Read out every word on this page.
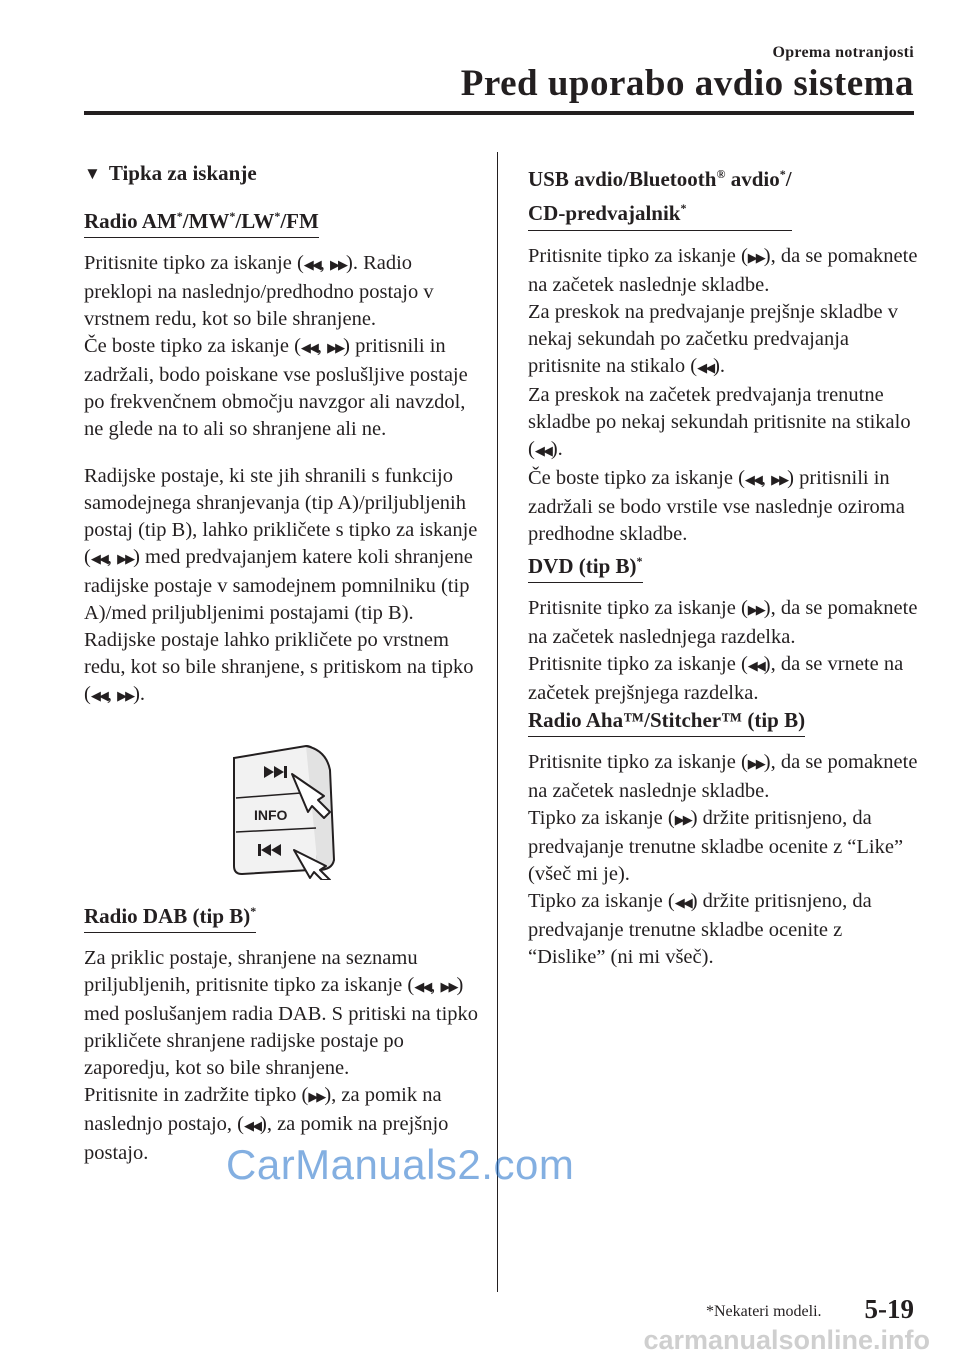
Oprema notranjosti
Pred uporabo avdio sistema
▼ Tipka za iskanje
Radio AM*/MW*/LW*/FM

Pritisnite tipko za iskanje (◀◀, ▶▶). Radio preklopi na naslednjo/predhodno postajo v vrstnem redu, kot so bile shranjene.
Če boste tipko za iskanje (◀◀, ▶▶) pritisnili in zadržali, bodo poiskane vse poslušljive postaje po frekvenčnem območju navzgor ali navzdol, ne glede na to ali so shranjene ali ne.

Radijske postaje, ki ste jih shranili s funkcijo samodejnega shranjevanja (tip A)/priljubljenih postaj (tip B), lahko prikličete s tipko za iskanje (◀◀, ▶▶) med predvajanjem katere koli shranjene radijske postaje v samodejnem pomnilniku (tip A)/med priljubljenimi postajami (tip B). Radijske postaje lahko prikličete po vrstnem redu, kot so bile shranjene, s pritiskom na tipko (◀◀, ▶▶).

INFO
Radio DAB (tip B)*

Za priklic postaje, shranjene na seznamu priljubljenih, pritisnite tipko za iskanje (◀◀, ▶▶) med poslušanjem radia DAB. S pritiski na tipko prikličete shranjene radijske postaje po zaporedju, kot so bile shranjene.
Pritisnite in zadržite tipko (▶▶), za pomik na naslednjo postajo, (◀◀), za pomik na prejšnjo postajo.

USB avdio/Bluetooth® avdio*/
CD-predvajalnik*

Pritisnite tipko za iskanje (▶▶), da se pomaknete na začetek naslednje skladbe.
Za preskok na predvajanje prejšnje skladbe v nekaj sekundah po začetku predvajanja pritisnite na stikalo (◀◀).
Za preskok na začetek predvajanja trenutne skladbe po nekaj sekundah pritisnite na stikalo (◀◀).
Če boste tipko za iskanje (◀◀, ▶▶) pritisnili in zadržali se bodo vrstile vse naslednje oziroma predhodne skladbe.

DVD (tip B)*

Pritisnite tipko za iskanje (▶▶), da se pomaknete na začetek naslednjega razdelka.
Pritisnite tipko za iskanje (◀◀), da se vrnete na začetek prejšnjega razdelka.

Radio Aha™/Stitcher™ (tip B)

Pritisnite tipko za iskanje (▶▶), da se pomaknete na začetek naslednje skladbe.
Tipko za iskanje (▶▶) držite pritisnjeno, da predvajanje trenutne skladbe ocenite z “Like” (všeč mi je).
Tipko za iskanje (◀◀) držite pritisnjeno, da predvajanje trenutne skladbe ocenite z “Dislike” (ni mi všeč).

*Nekateri modeli. 5-19
CarManuals2.com
carmanualsonline.info
